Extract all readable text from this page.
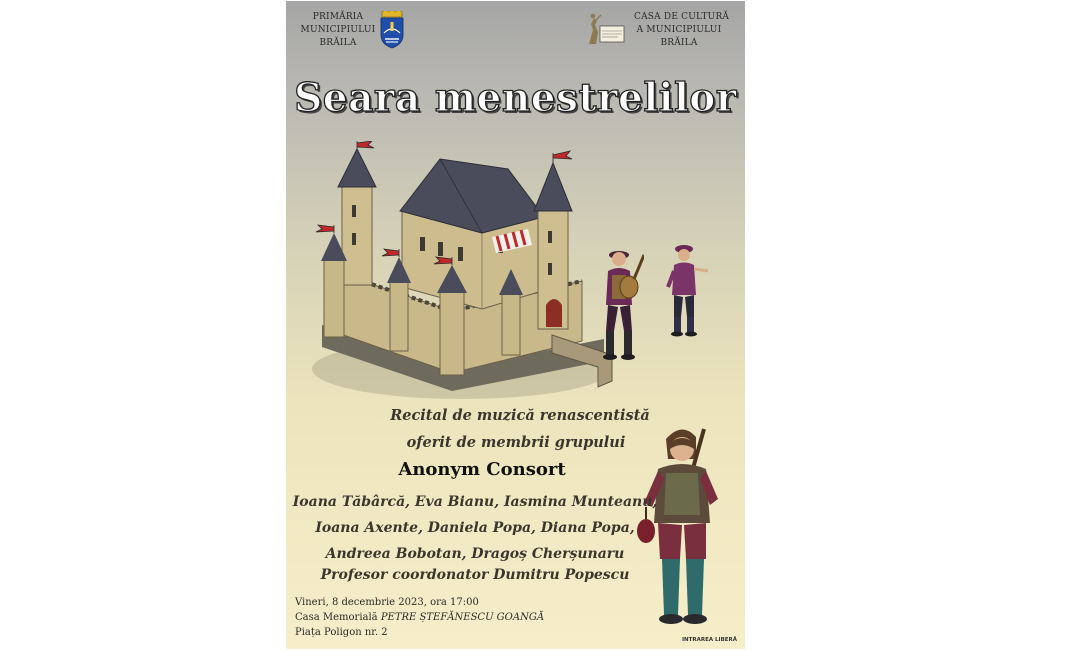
PRIMĂRIA
MUNICIPIULUI
BRĂILA
CASA DE CULTURĂ
A MUNICIPIULUI
BRĂILA
Seara menestrelilor
Recital de muzică renascentistă
oferit de membrii grupului
Anonym Consort
Ioana Tăbârcă, Eva Bianu, Iasmina Munteanu,
Ioana Axente, Daniela Popa, Diana Popa,
Andreea Bobotan, Dragoș Cherșunaru
Profesor coordonator Dumitru Popescu
Vineri, 8 decembrie 2023, ora 17:00
Casa Memorială PETRE ȘTEFĂNESCU GOANGĂ
Piața Poligon nr. 2
INTRAREA LIBERĂ
